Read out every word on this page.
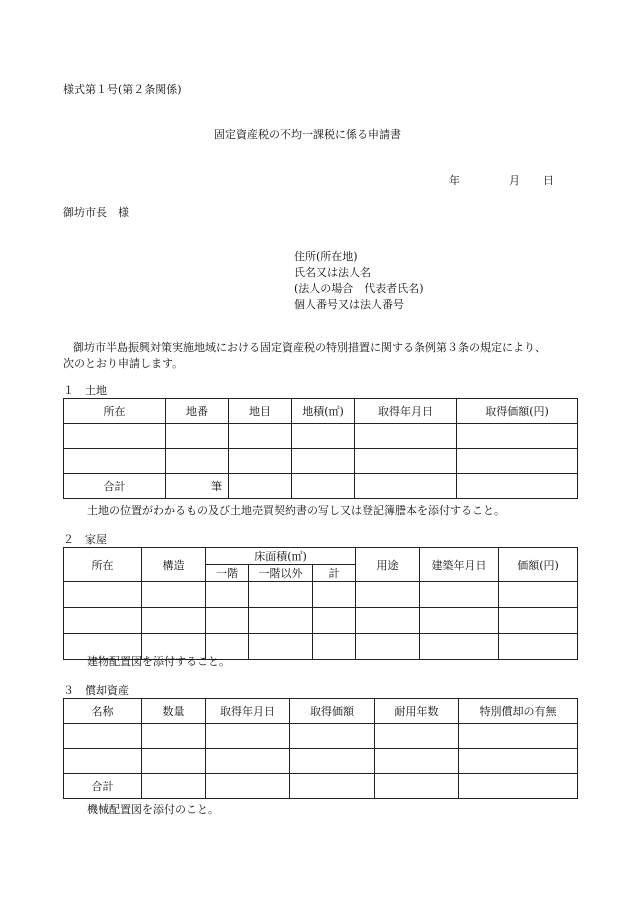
様式第１号(第２条関係)
固定資産税の不均一課税に係る申請書
年	月 日
御坊市長　様
住所(所在地)
氏名又は法人名
(法人の場合　代表者氏名)
個人番号又は法人番号
御坊市半島振興対策実施地域における固定資産税の特別措置に関する条例第３条の規定により、
次のとおり申請します。
１　土地
所在	地番	地目	地積(㎡)	取得年月日	取得価額(円)

合計	筆				
土地の位置がわかるもの及び土地売買契約書の写し又は登記簿謄本を添付すること。
２　家屋
所在	構造	床面積(㎡)			用途	建築年月日	価額(円)
		一階	一階以外	計			

建物配置図を添付すること。
３　償却資産
名称	数量	取得年月日	取得価額	耐用年数	特別償却の有無

合計					
機械配置図を添付のこと。
